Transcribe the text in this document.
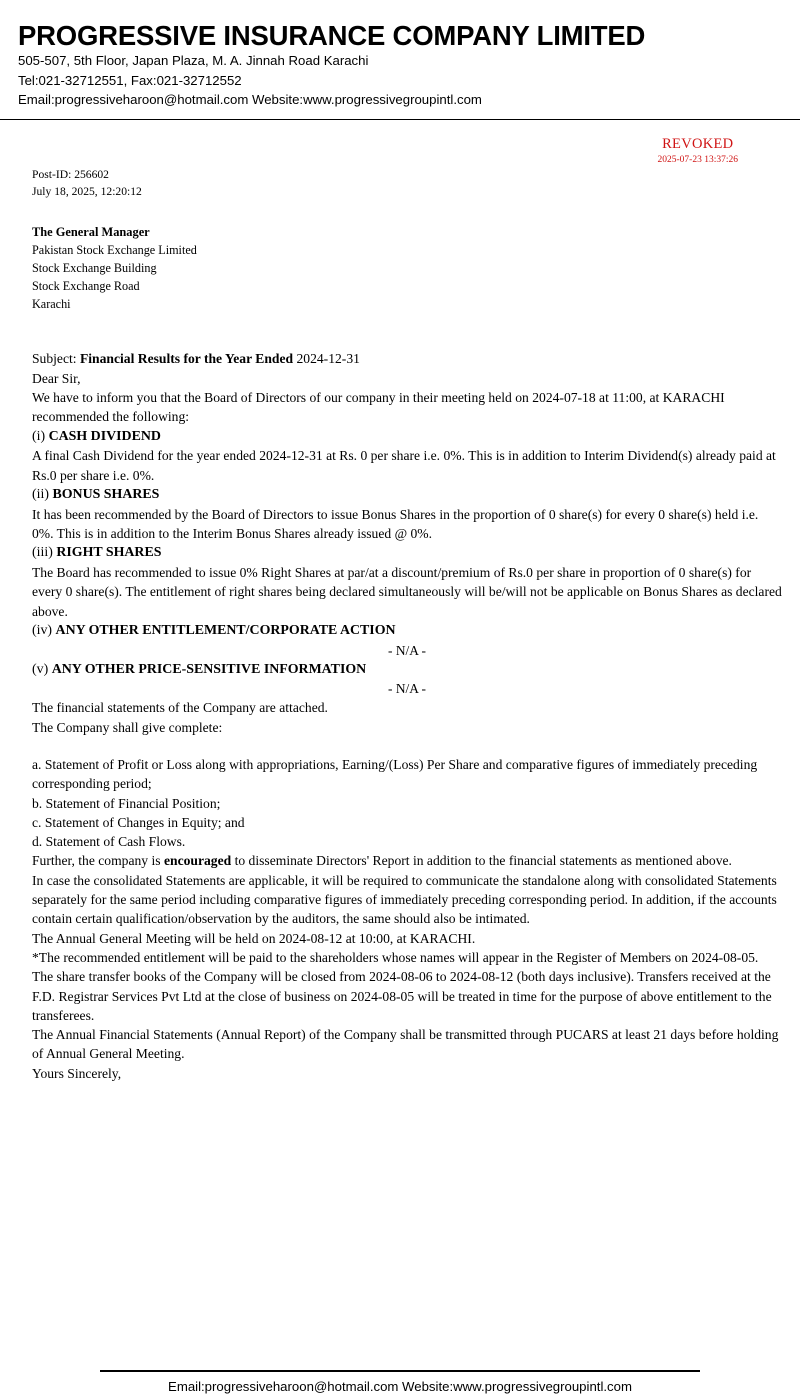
PROGRESSIVE INSURANCE COMPANY LIMITED
505-507, 5th Floor, Japan Plaza, M. A. Jinnah Road Karachi
Tel:021-32712551, Fax:021-32712552
Email:progressiveharoon@hotmail.com Website:www.progressivegroupintl.com
REVOKED
2025-07-23 13:37:26
Post-ID: 256602
July 18, 2025, 12:20:12
The General Manager
Pakistan Stock Exchange Limited
Stock Exchange Building
Stock Exchange Road
Karachi
Subject: Financial Results for the Year Ended 2024-12-31

Dear Sir,

We have to inform you that the Board of Directors of our company in their meeting held on 2024-07-18 at 11:00, at KARACHI recommended the following:

(i) CASH DIVIDEND

A final Cash Dividend for the year ended 2024-12-31 at Rs. 0 per share i.e. 0%. This is in addition to Interim Dividend(s) already paid at Rs.0 per share i.e. 0%.

(ii) BONUS SHARES

It has been recommended by the Board of Directors to issue Bonus Shares in the proportion of 0 share(s) for every 0 share(s) held i.e. 0%. This is in addition to the Interim Bonus Shares already issued @ 0%.

(iii) RIGHT SHARES

The Board has recommended to issue 0% Right Shares at par/at a discount/premium of Rs.0 per share in proportion of 0 share(s) for every 0 share(s). The entitlement of right shares being declared simultaneously will be/will not be applicable on Bonus Shares as declared above.

(iv) ANY OTHER ENTITLEMENT/CORPORATE ACTION

- N/A -

(v) ANY OTHER PRICE-SENSITIVE INFORMATION

- N/A -

The financial statements of the Company are attached.

The Company shall give complete:

a. Statement of Profit or Loss along with appropriations, Earning/(Loss) Per Share and comparative figures of immediately preceding corresponding period;

b. Statement of Financial Position;

c. Statement of Changes in Equity; and

d. Statement of Cash Flows.

Further, the company is encouraged to disseminate Directors' Report in addition to the financial statements as mentioned above.

In case the consolidated Statements are applicable, it will be required to communicate the standalone along with consolidated Statements separately for the same period including comparative figures of immediately preceding corresponding period. In addition, if the accounts contain certain qualification/observation by the auditors, the same should also be intimated.

The Annual General Meeting will be held on 2024-08-12 at 10:00, at KARACHI.

*The recommended entitlement will be paid to the shareholders whose names will appear in the Register of Members on 2024-08-05.

The share transfer books of the Company will be closed from 2024-08-06 to 2024-08-12 (both days inclusive). Transfers received at the F.D. Registrar Services Pvt Ltd at the close of business on 2024-08-05 will be treated in time for the purpose of above entitlement to the transferees.

The Annual Financial Statements (Annual Report) of the Company shall be transmitted through PUCARS at least 21 days before holding of Annual General Meeting.

Yours Sincerely,

Email:progressiveharoon@hotmail.com Website:www.progressivegroupintl.com
